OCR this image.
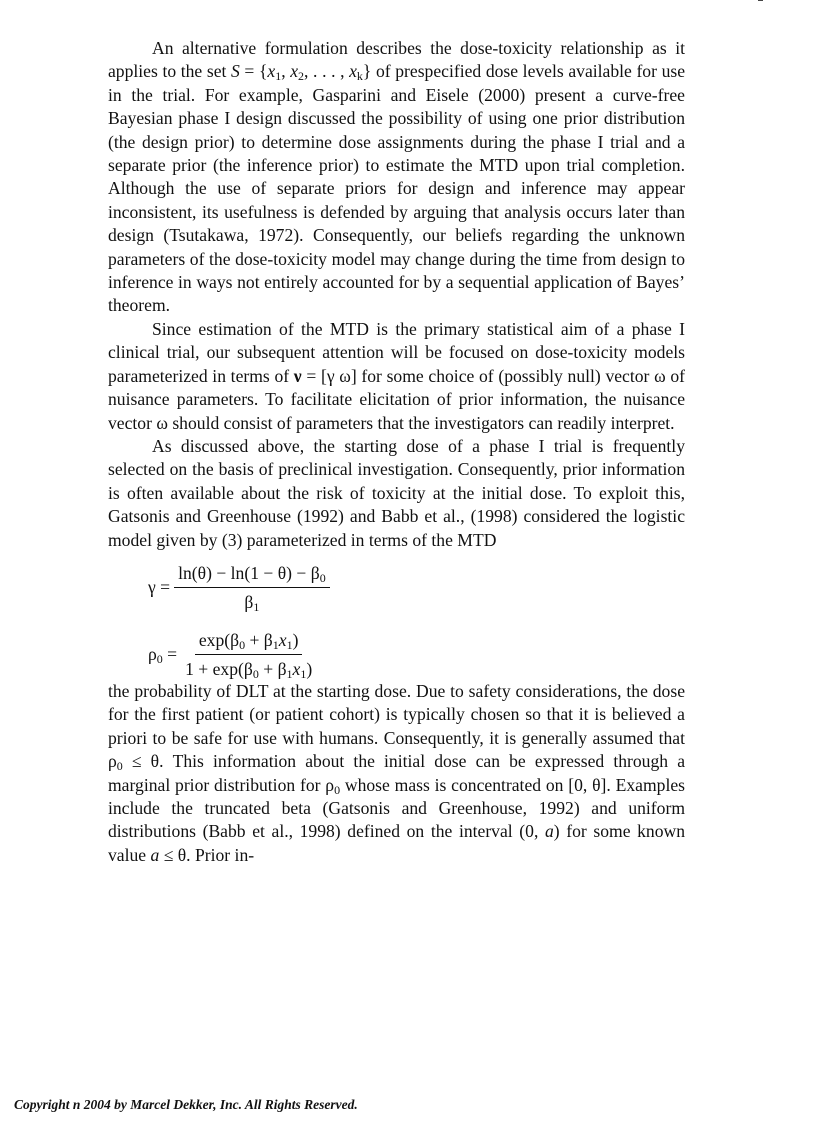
An alternative formulation describes the dose-toxicity relationship as it applies to the set $S = \{x_1$, $x_2$, . . . , $x_k$} of prespecified dose levels available for use in the trial. For example, Gasparini and Eisele (2000) present a curve-free Bayesian phase I design discussed the possibility of using one prior distribution (the design prior) to determine dose assignments during the phase I trial and a separate prior (the inference prior) to estimate the MTD upon trial completion. Although the use of separate priors for design and inference may appear inconsistent, its usefulness is defended by arguing that analysis occurs later than design (Tsutakawa, 1972). Consequently, our beliefs regarding the unknown parameters of the dose-toxicity model may change during the time from design to inference in ways not entirely accounted for by a sequential application of Bayes’ theorem.

Since estimation of the MTD is the primary statistical aim of a phase I clinical trial, our subsequent attention will be focused on dose-toxicity models parameterized in terms of ν = [γ ω] for some choice of (possibly null) vector ω of nuisance parameters. To facilitate elicitation of prior information, the nuisance vector ω should consist of parameters that the investigators can readily interpret.

As discussed above, the starting dose of a phase I trial is frequently selected on the basis of preclinical investigation. Consequently, prior information is often available about the risk of toxicity at the initial dose. To exploit this, Gatsonis and Greenhouse (1992) and Babb et al., (1998) considered the logistic model given by (3) parameterized in terms of the MTD

$\gamma = \frac{\ln(\theta) - \ln(1 - \theta) - \beta_0}{\beta_1}$
$\rho_0 = \frac{\exp(\beta_0 + \beta_1x_1)}{1 + \exp(\beta_0 + \beta_1x_1)}$

the probability of DLT at the starting dose. Due to safety considerations, the dose for the first patient (or patient cohort) is typically chosen so that it is believed a priori to be safe for use with humans. Consequently, it is generally assumed that $\rho_0 \le \theta$. This information about the initial dose can be expressed through a marginal prior distribution for $\rho_0$ whose mass is concentrated on [0, θ]. Examples include the truncated beta (Gatsonis and Greenhouse, 1992) and uniform distributions (Babb et al., 1998) defined on the interval (0, a) for some known value a ≤ θ. Prior in-

Copyright n 2004 by Marcel Dekker, Inc. All Rights Reserved.
